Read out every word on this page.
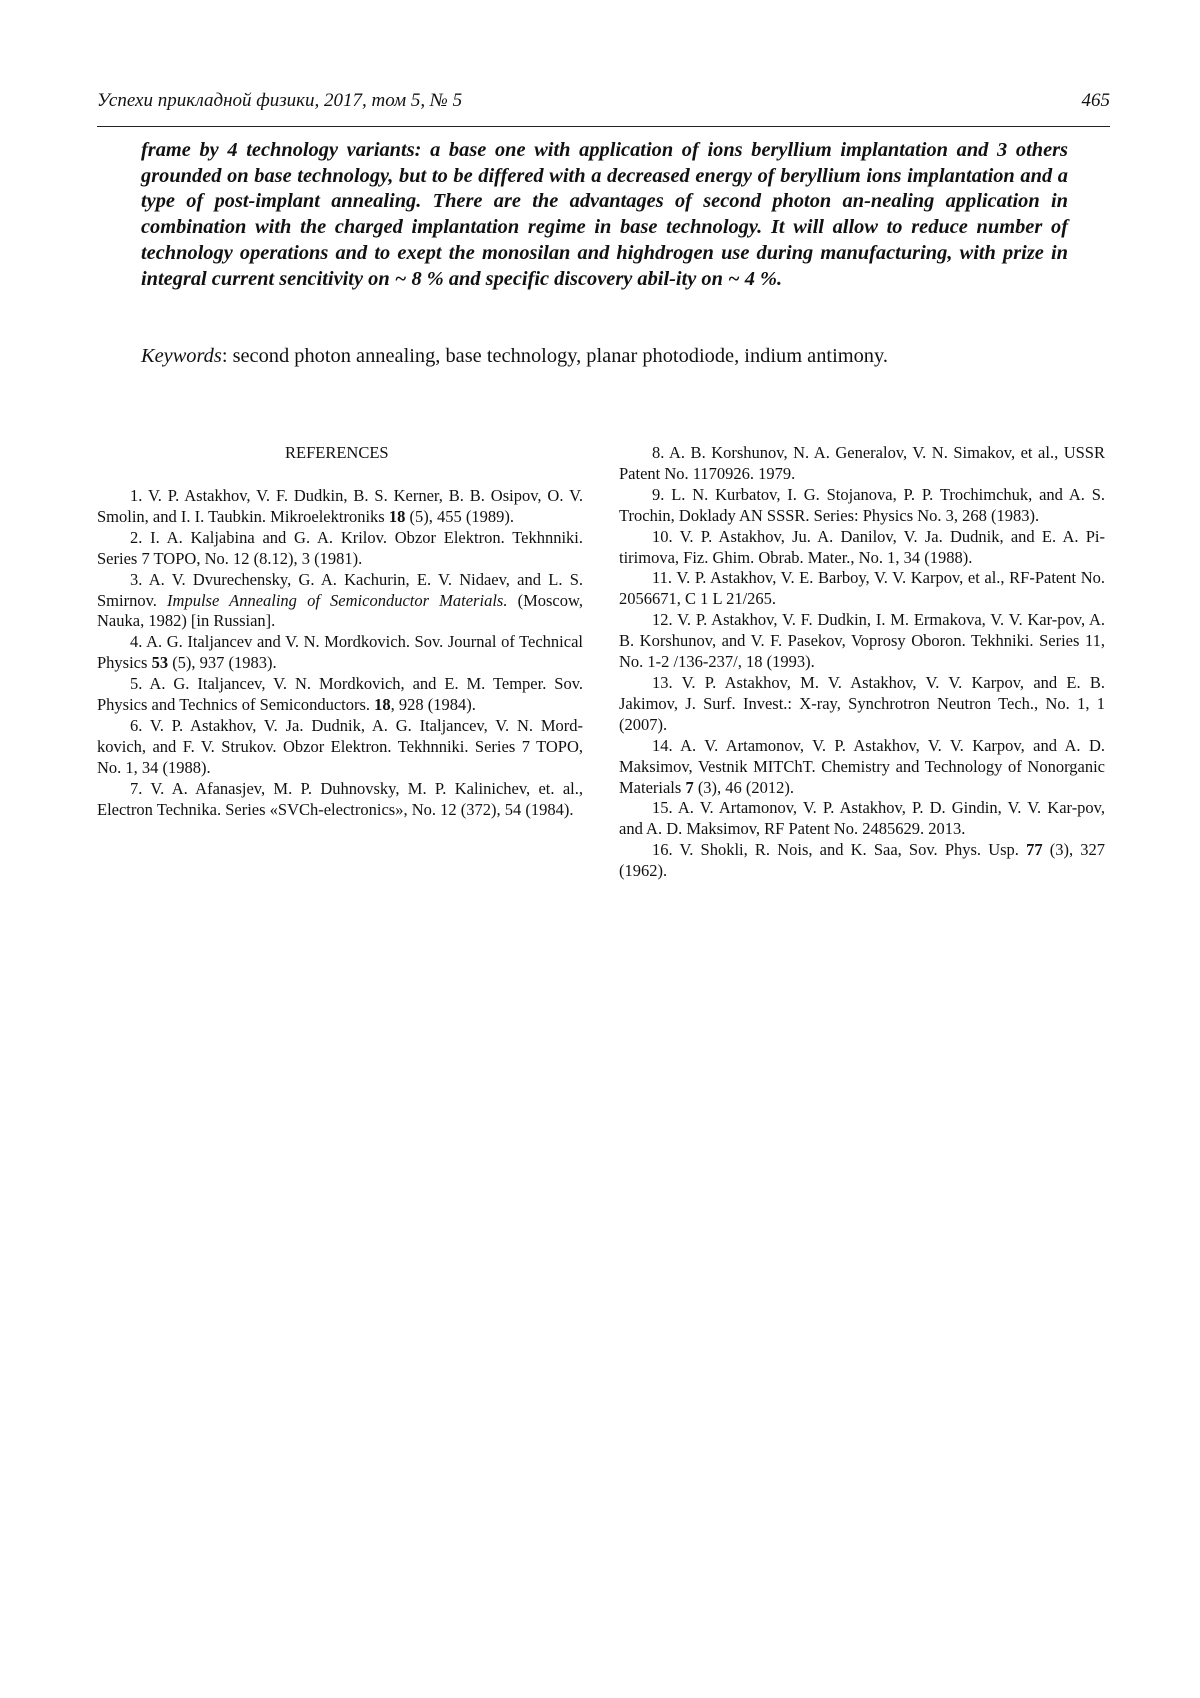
Успехи прикладной физики, 2017, том 5, № 5	465

frame by 4 technology variants: a base one with application of ions beryllium implantation and 3 others grounded on base technology, but to be differed with a decreased energy of beryllium ions implantation and a type of post-implant annealing. There are the advantages of second photon an-nealing application in combination with the charged implantation regime in base technology. It will allow to reduce number of technology operations and to exept the monosilan and highdrogen use during manufacturing, with prize in integral current sencitivity on ~ 8 % and specific discovery abil-ity on ~ 4 %.

Keywords: second photon annealing, base technology, planar photodiode, indium antimony.

REFERENCES

1. V. P. Astakhov, V. F. Dudkin, B. S. Kerner, B. B. Osipov, O. V. Smolin, and I. I. Taubkin. Mikroelektroniks 18 (5), 455 (1989).

2. I. A. Kaljabina and G. A. Krilov. Obzor Elektron. Tekhnniki. Series 7 TOPO, No. 12 (8.12), 3 (1981).

3. A. V. Dvurechensky, G. A. Kachurin, E. V. Nidaev, and L. S. Smirnov. Impulse Annealing of Semiconductor Materials. (Moscow, Nauka, 1982) [in Russian].

4. A. G. Italjancev and V. N. Mordkovich. Sov. Journal of Technical Physics 53 (5), 937 (1983).

5. A. G. Italjancev, V. N. Mordkovich, and E. M. Temper. Sov. Physics and Technics of Semiconductors. 18, 928 (1984).

6. V. P. Astakhov, V. Ja. Dudnik, A. G. Italjancev, V. N. Mord-kovich, and F. V. Strukov. Obzor Elektron. Tekhnniki. Series 7 TOPO, No. 1, 34 (1988).

7. V. A. Afanasjev, M. P. Duhnovsky, M. P. Kalinichev, et. al., Electron Technika. Series «SVCh-electronics», No. 12 (372), 54 (1984).

8. A. B. Korshunov, N. A. Generalov, V. N. Simakov, et al., USSR Patent No. 1170926. 1979.

9. L. N. Kurbatov, I. G. Stojanova, P. P. Trochimchuk, and A. S. Trochin, Doklady AN SSSR. Series: Physics No. 3, 268 (1983).

10. V. P. Astakhov, Ju. A. Danilov, V. Ja. Dudnik, and E. A. Pi-tirimova, Fiz. Ghim. Obrab. Mater., No. 1, 34 (1988).

11. V. P. Astakhov, V. E. Barboy, V. V. Karpov, et al., RF-Patent No. 2056671, C 1 L 21/265.

12. V. P. Astakhov, V. F. Dudkin, I. M. Ermakova, V. V. Kar-pov, A. B. Korshunov, and V. F. Pasekov, Voprosy Oboron. Tekhniki. Series 11, No. 1-2 /136-237/, 18 (1993).

13. V. P. Astakhov, M. V. Astakhov, V. V. Karpov, and E. B. Jakimov, J. Surf. Invest.: X-ray, Synchrotron Neutron Tech., No. 1, 1 (2007).

14. A. V. Artamonov, V. P. Astakhov, V. V. Karpov, and A. D. Maksimov, Vestnik MITChT. Chemistry and Technology of Nonorganic Materials 7 (3), 46 (2012).

15. A. V. Artamonov, V. P. Astakhov, P. D. Gindin, V. V. Kar-pov, and A. D. Maksimov, RF Patent No. 2485629. 2013.

16. V. Shokli, R. Nois, and K. Saa, Sov. Phys. Usp. 77 (3), 327 (1962).
